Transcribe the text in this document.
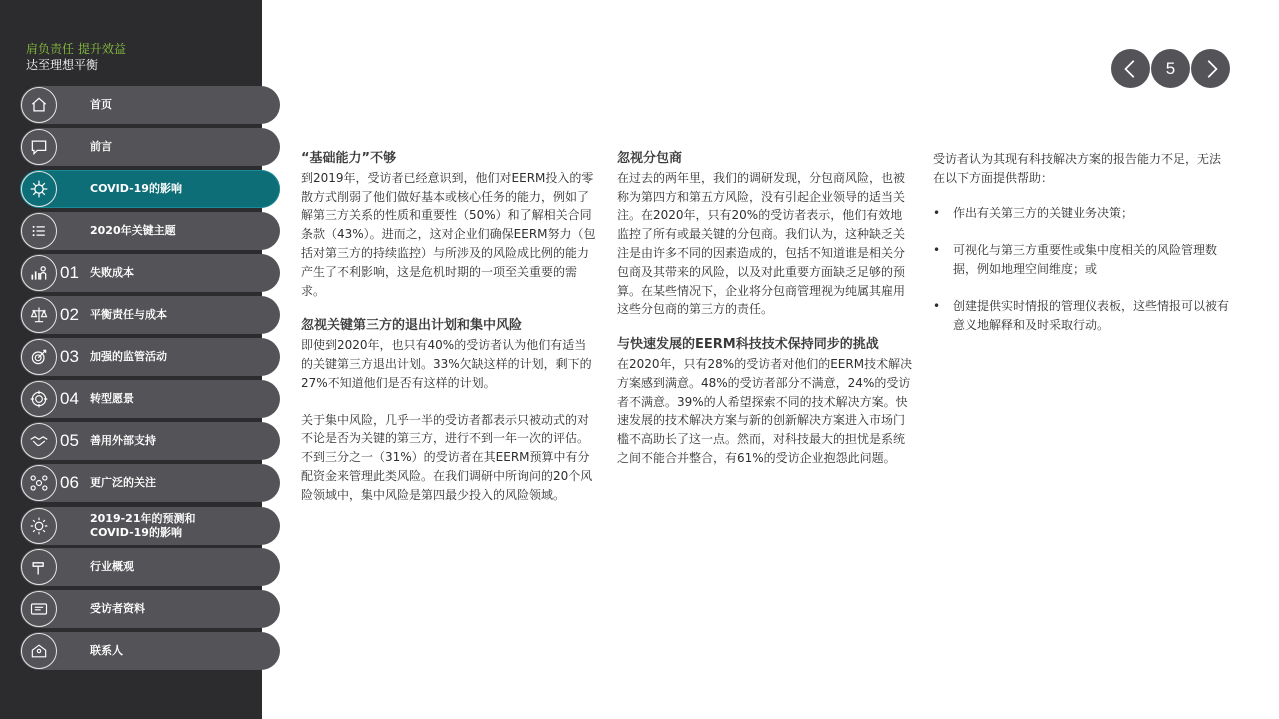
肩负责任 提升效益
达至理想平衡
首页
前言
COVID-19的影响
2020年关键主题
01	失败成本
02	平衡责任与成本
03	加强的监管活动
04	转型愿景
05	善用外部支持
06	更广泛的关注
2019-21年的预测和
COVID-19的影响
行业概观
受访者资料
联系人
5
“基础能力”不够
到2019年，受访者已经意识到，他们对EERM投入的零散方式削弱了他们做好基本或核心任务的能力，例如了解第三方关系的性质和重要性（50%）和了解相关合同条款（43%）。进而之，这对企业们确保EERM努力（包括对第三方的持续监控）与所涉及的风险成比例的能力产生了不利影响，这是危机时期的一项至关重要的需求。
忽视关键第三方的退出计划和集中风险
即使到2020年，也只有40%的受访者认为他们有适当的关键第三方退出计划。33%欠缺这样的计划，剩下的27%不知道他们是否有这样的计划。
关于集中风险，几乎一半的受访者都表示只被动式的对不论是否为关键的第三方，进行不到一年一次的评估。不到三分之一（31%）的受访者在其EERM预算中有分配资金来管理此类风险。在我们调研中所询问的20个风险领域中，集中风险是第四最少投入的风险领域。
忽视分包商
在过去的两年里，我们的调研发现，分包商风险，也被称为第四方和第五方风险，没有引起企业领导的适当关注。在2020年，只有20%的受访者表示，他们有效地监控了所有或最关键的分包商。我们认为，这种缺乏关注是由许多不同的因素造成的，包括不知道谁是相关分包商及其带来的风险，以及对此重要方面缺乏足够的预算。在某些情况下，企业将分包商管理视为纯属其雇用这些分包商的第三方的责任。
与快速发展的EERM科技技术保持同步的挑战
在2020年，只有28%的受访者对他们的EERM技术解决方案感到满意。48%的受访者部分不满意，24%的受访者不满意。39%的人希望探索不同的技术解决方案。快速发展的技术解决方案与新的创新解决方案进入市场门槛不高助长了这一点。然而，对科技最大的担忧是系统之间不能合并整合，有61%的受访企业抱怨此问题。
受访者认为其现有科技解决方案的报告能力不足，无法在以下方面提供帮助：
• 作出有关第三方的关键业务决策；
• 可视化与第三方重要性或集中度相关的风险管理数据，例如地理空间维度；或
• 创建提供实时情报的管理仪表板，这些情报可以被有意义地解释和及时采取行动。
